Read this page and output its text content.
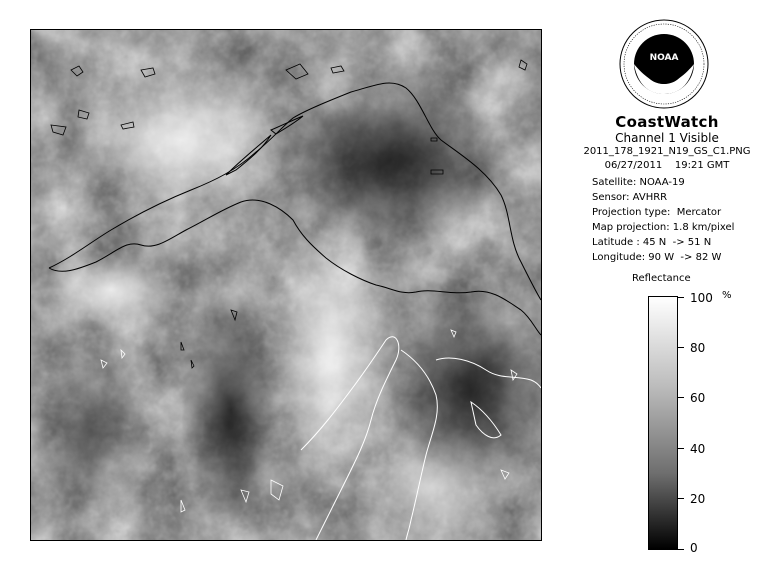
NOAA
CoastWatch
Channel 1 Visible
2011_178_1921_N19_GS_C1.PNG
06/27/2011    19:21 GMT
Satellite: NOAA-19
Sensor: AVHRR
Projection type:  Mercator
Map projection: 1.8 km/pixel
Latitude : 45 N  -> 51 N
Longitude: 90 W  -> 82 W
Reflectance
%
100
80
60
40
20
0
